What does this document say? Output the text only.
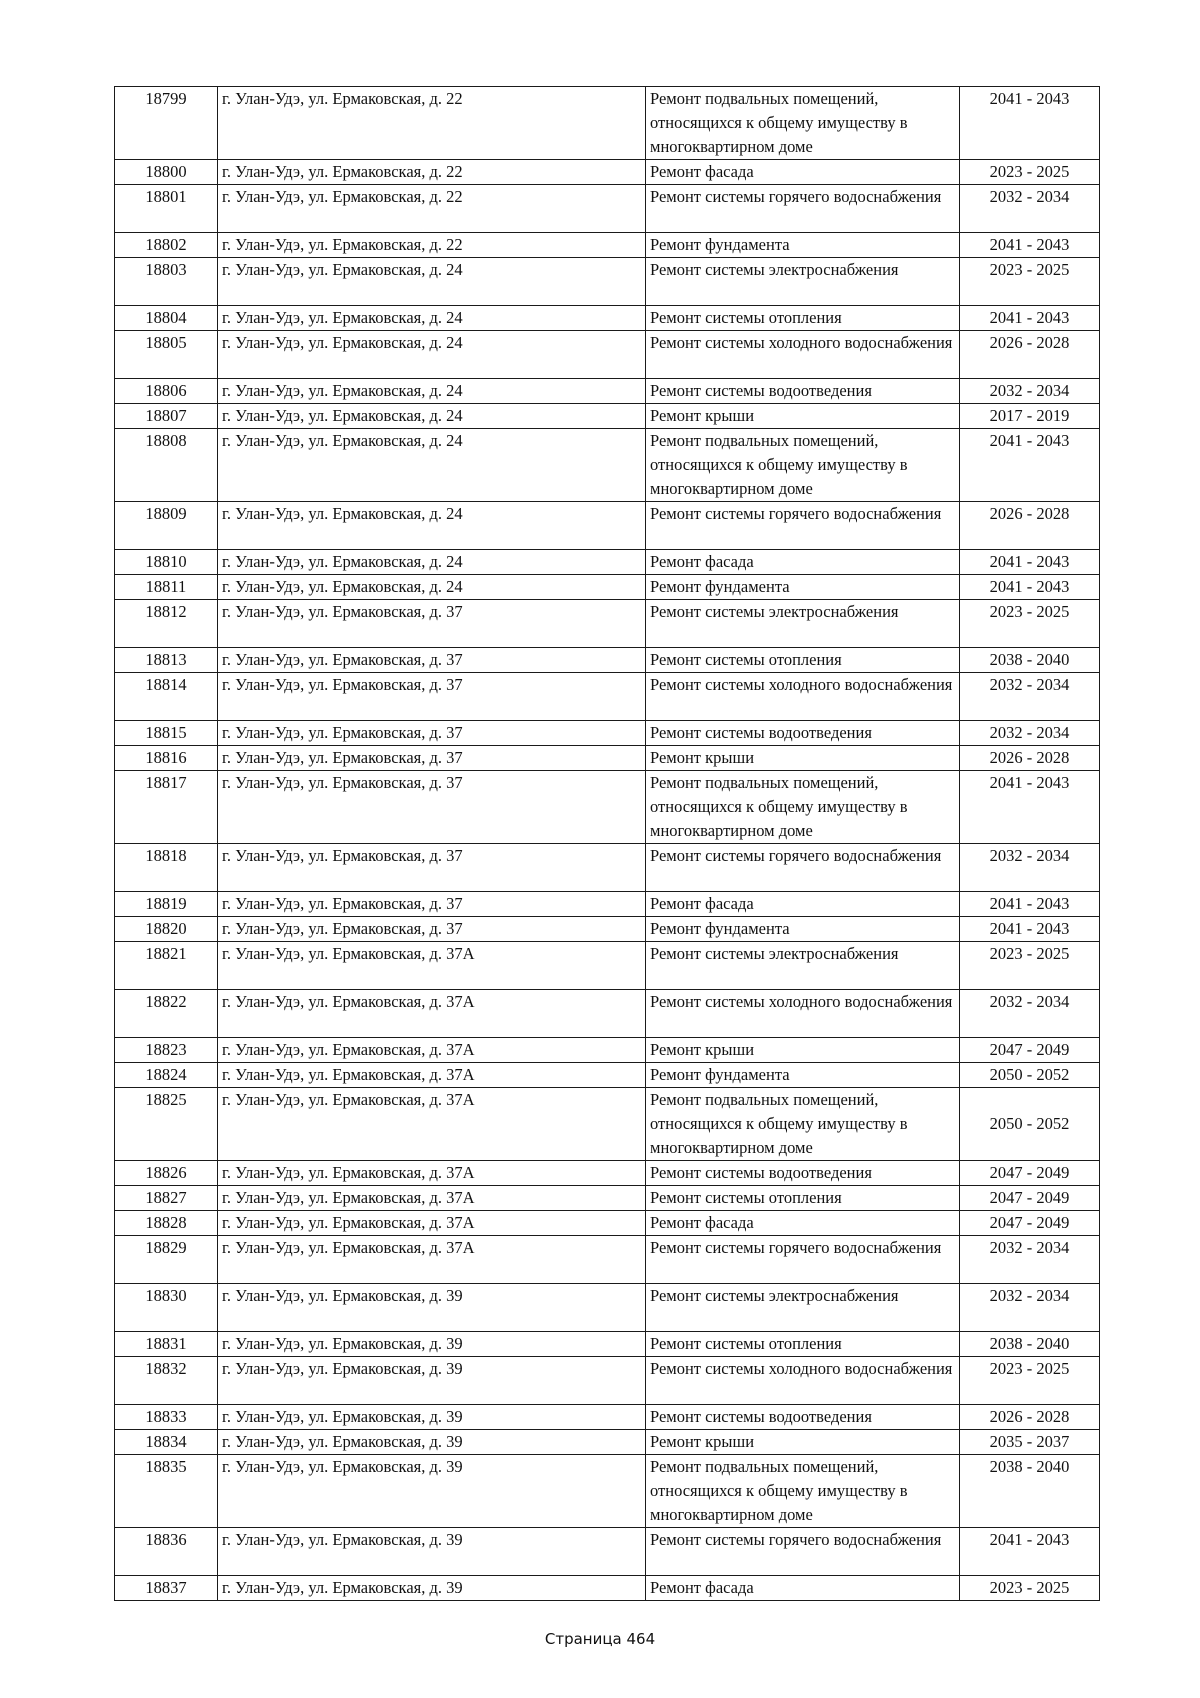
18799	г. Улан-Удэ, ул. Ермаковская, д. 22	Ремонт подвальных помещений, относящихся к общему имуществу в многоквартирном доме	2041 - 2043
18800	г. Улан-Удэ, ул. Ермаковская, д. 22	Ремонт фасада	2023 - 2025
18801	г. Улан-Удэ, ул. Ермаковская, д. 22	Ремонт системы горячего водоснабжения	2032 - 2034
18802	г. Улан-Удэ, ул. Ермаковская, д. 22	Ремонт фундамента	2041 - 2043
18803	г. Улан-Удэ, ул. Ермаковская, д. 24	Ремонт системы электроснабжения	2023 - 2025
18804	г. Улан-Удэ, ул. Ермаковская, д. 24	Ремонт системы отопления	2041 - 2043
18805	г. Улан-Удэ, ул. Ермаковская, д. 24	Ремонт системы холодного водоснабжения	2026 - 2028
18806	г. Улан-Удэ, ул. Ермаковская, д. 24	Ремонт системы водоотведения	2032 - 2034
18807	г. Улан-Удэ, ул. Ермаковская, д. 24	Ремонт крыши	2017 - 2019
18808	г. Улан-Удэ, ул. Ермаковская, д. 24	Ремонт подвальных помещений, относящихся к общему имуществу в многоквартирном доме	2041 - 2043
18809	г. Улан-Удэ, ул. Ермаковская, д. 24	Ремонт системы горячего водоснабжения	2026 - 2028
18810	г. Улан-Удэ, ул. Ермаковская, д. 24	Ремонт фасада	2041 - 2043
18811	г. Улан-Удэ, ул. Ермаковская, д. 24	Ремонт фундамента	2041 - 2043
18812	г. Улан-Удэ, ул. Ермаковская, д. 37	Ремонт системы электроснабжения	2023 - 2025
18813	г. Улан-Удэ, ул. Ермаковская, д. 37	Ремонт системы отопления	2038 - 2040
18814	г. Улан-Удэ, ул. Ермаковская, д. 37	Ремонт системы холодного водоснабжения	2032 - 2034
18815	г. Улан-Удэ, ул. Ермаковская, д. 37	Ремонт системы водоотведения	2032 - 2034
18816	г. Улан-Удэ, ул. Ермаковская, д. 37	Ремонт крыши	2026 - 2028
18817	г. Улан-Удэ, ул. Ермаковская, д. 37	Ремонт подвальных помещений, относящихся к общему имуществу в многоквартирном доме	2041 - 2043
18818	г. Улан-Удэ, ул. Ермаковская, д. 37	Ремонт системы горячего водоснабжения	2032 - 2034
18819	г. Улан-Удэ, ул. Ермаковская, д. 37	Ремонт фасада	2041 - 2043
18820	г. Улан-Удэ, ул. Ермаковская, д. 37	Ремонт фундамента	2041 - 2043
18821	г. Улан-Удэ, ул. Ермаковская, д. 37А	Ремонт системы электроснабжения	2023 - 2025
18822	г. Улан-Удэ, ул. Ермаковская, д. 37А	Ремонт системы холодного водоснабжения	2032 - 2034
18823	г. Улан-Удэ, ул. Ермаковская, д. 37А	Ремонт крыши	2047 - 2049
18824	г. Улан-Удэ, ул. Ермаковская, д. 37А	Ремонт фундамента	2050 - 2052
18825	г. Улан-Удэ, ул. Ермаковская, д. 37А	Ремонт подвальных помещений, относящихся к общему имуществу в многоквартирном доме	2050 - 2052
18826	г. Улан-Удэ, ул. Ермаковская, д. 37А	Ремонт системы водоотведения	2047 - 2049
18827	г. Улан-Удэ, ул. Ермаковская, д. 37А	Ремонт системы отопления	2047 - 2049
18828	г. Улан-Удэ, ул. Ермаковская, д. 37А	Ремонт фасада	2047 - 2049
18829	г. Улан-Удэ, ул. Ермаковская, д. 37А	Ремонт системы горячего водоснабжения	2032 - 2034
18830	г. Улан-Удэ, ул. Ермаковская, д. 39	Ремонт системы электроснабжения	2032 - 2034
18831	г. Улан-Удэ, ул. Ермаковская, д. 39	Ремонт системы отопления	2038 - 2040
18832	г. Улан-Удэ, ул. Ермаковская, д. 39	Ремонт системы холодного водоснабжения	2023 - 2025
18833	г. Улан-Удэ, ул. Ермаковская, д. 39	Ремонт системы водоотведения	2026 - 2028
18834	г. Улан-Удэ, ул. Ермаковская, д. 39	Ремонт крыши	2035 - 2037
18835	г. Улан-Удэ, ул. Ермаковская, д. 39	Ремонт подвальных помещений, относящихся к общему имуществу в многоквартирном доме	2038 - 2040
18836	г. Улан-Удэ, ул. Ермаковская, д. 39	Ремонт системы горячего водоснабжения	2041 - 2043
18837	г. Улан-Удэ, ул. Ермаковская, д. 39	Ремонт фасада	2023 - 2025
Страница 464
